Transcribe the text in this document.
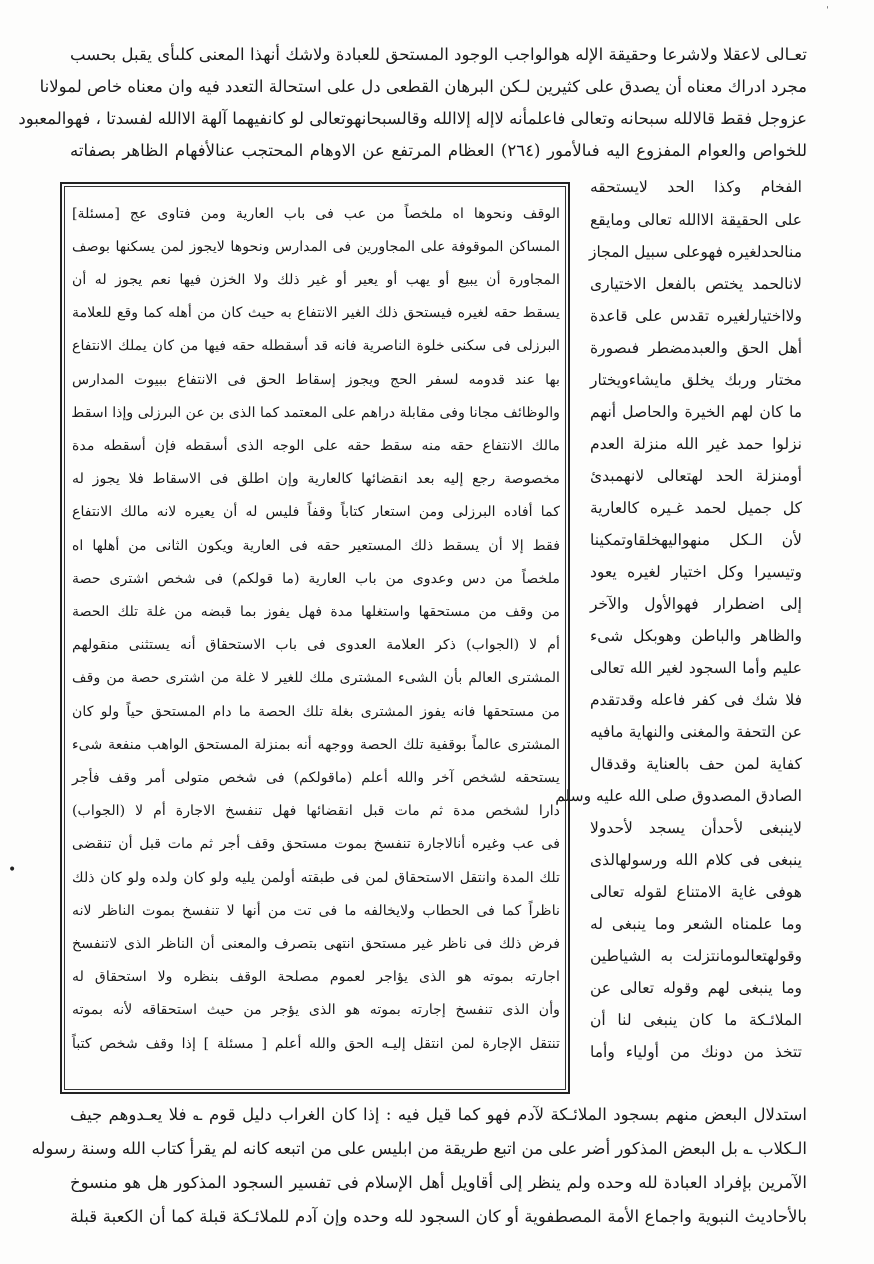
تعـالى لاعقلا ولاشرعا وحقيقة الإله هوالواجب الوجود المستحق للعبادة ولاشك أنهذا المعنى كلىأى يقبل بحسب
مجرد ادراك معناه أن يصدق على كثيرين لـكن البرهان القطعى دل على استحالة التعدد فيه وان معناه خاص لمولانا
عزوجل فقط قالالله سبحانه وتعالى فاعلمأنه لاإله إلاالله وقالسبحانهوتعالى لو كانفيهما آلهة الاالله لفسدتا ، فهوالمعبود
للخواص والعوام المفزوع اليه فىالأمور (٢٦٤) العظام المرتفع عن الاوهام المحتجب عنالأفهام الظاهر بصفاته
الفخام وكذا الحد لايستحقه
على الحقيقة الاالله تعالى ومايقع
منالحدلغيره فهوعلى سبيل المجاز
لانالحمد يختص بالفعل الاختيارى
ولااختيارلغيره تقدس على قاعدة
أهل الحق والعبدمضطر فىصورة
مختار وربك يخلق مايشاءويختار
ما كان لهم الخيرة والحاصل أنهم
نزلوا حمد غير الله منزلة العدم
أومنزلة الحد لهتعالى لانهمبدئ
كل جميل لحمد غـيره كالعارية
لأن الـكل منهواليهخلقاوتمكينا
وتيسيرا وكل اختيار لغيره يعود
إلى اضطرار فهوالأول والآخر
والظاهر والباطن وهوبكل شىء
عليم وأما السجود لغير الله تعالى
فلا شك فى كفر فاعله وقدتقدم
عن التحفة والمغنى والنهاية مافيه
كفاية لمن حف بالعناية وقدقال
الصادق المصدوق صلى الله عليه وسلم
لاينبغى لأحدأن يسجد لأحدولا
ينبغى فى كلام الله ورسولهالذى
هوفى غاية الامتناع لقوله تعالى
وما علمناه الشعر وما ينبغى له
وقولهتعالىومانتزلت به الشياطين
وما ينبغى لهم وقوله تعالى عن
الملائـكة ما كان ينبغى لنا أن
تتخذ من دونك من أولياء وأما
الوقف ونحوها اه ملخصاً من عب فى باب العارية ومن فتاوى عج [مسئلة]
المساكن الموقوفة على المجاورين فى المدارس ونحوها لايجوز لمن يسكنها بوصف
المجاورة أن يبيع أو يهب أو يعير أو غير ذلك ولا الخزن فيها نعم يجوز له أن
يسقط حقه لغيره فيستحق ذلك الغير الانتفاع به حيث كان من أهله كما وقع للعلامة
البرزلى فى سكنى خلوة الناصرية فانه قد أسقطله حقه فيها من كان يملك الانتفاع
بها عند قدومه لسفر الحج ويجوز إسقاط الحق فى الانتفاع ببيوت المدارس
والوظائف مجانا وفى مقابلة دراهم على المعتمد كما الذى بن عن البرزلى وإذا اسقط
مالك الانتفاع حقه منه سقط حقه على الوجه الذى أسقطه فإن أسقطه مدة
مخصوصة رجع إليه بعد انقضائها كالعارية وإن اطلق فى الاسقاط فلا يجوز له
كما أفاده البرزلى ومن استعار كتاباً وقفاً فليس له أن يعيره لانه مالك الانتفاع
فقط إلا أن يسقط ذلك المستعير حقه فى العارية ويكون الثانى من أهلها اه
ملخصاً من دس وعدوى من باب العارية (ما قولكم) فى شخص اشترى حصة
من وقف من مستحقها واستغلها مدة فهل يفوز بما قبضه من غلة تلك الحصة
أم لا (الجواب) ذكر العلامة العدوى فى باب الاستحقاق أنه يستثنى منقولهم
المشترى العالم بأن الشىء المشترى ملك للغير لا غلة من اشترى حصة من وقف
من مستحقها فانه يفوز المشترى بغلة تلك الحصة ما دام المستحق حياً ولو كان
المشترى عالماً بوقفية تلك الحصة ووجهه أنه بمنزلة المستحق الواهب منفعة شىء
يستحقه لشخص آخر والله أعلم (ماقولكم) فى شخص متولى أمر وقف فأجر
دارا لشخص مدة ثم مات قبل انقضائها فهل تنفسخ الاجارة أم لا (الجواب)
فى عب وغيره أنالاجارة تنفسخ بموت مستحق وقف أجر ثم مات قبل أن تنقضى
تلك المدة وانتقل الاستحقاق لمن فى طبقته أولمن يليه ولو كان ولده ولو كان ذلك
ناظراً كما فى الحطاب ولايخالفه ما فى تت من أنها لا تنفسخ بموت الناظر لانه
فرض ذلك فى ناظر غير مستحق انتهى بتصرف والمعنى أن الناظر الذى لاتنفسخ
اجارته بموته هو الذى يؤاجر لعموم مصلحة الوقف بنظره ولا استحقاق له
وأن الذى تنفسخ إجارته بموته هو الذى يؤجر من حيث استحقاقه لأنه بموته
تنتقل الإجارة لمن انتقل إليـه الحق والله أعلم [ مسئلة ] إذا وقف شخص كتباً
استدلال البعض منهم بسجود الملائـكة لآدم فهو كما قيل فيه : إذا كان الغراب دليل قوم ؎ فلا يعـدوهم جيف
الـكلاب ؎ بل البعض المذكور أضر على من اتبع طريقة من ابليس على من اتبعه كانه لم يقرأ كتاب الله وسنة رسوله
الآمرين بإفراد العبادة لله وحده ولم ينظر إلى أقاويل أهل الإسلام فى تفسير السجود المذكور هل هو منسوخ
بالأحاديث النبوية واجماع الأمة المصطفوية أو كان السجود لله وحده وإن آدم للملائـكة قبلة كما أن الكعبة قبلة
ˈ
•
